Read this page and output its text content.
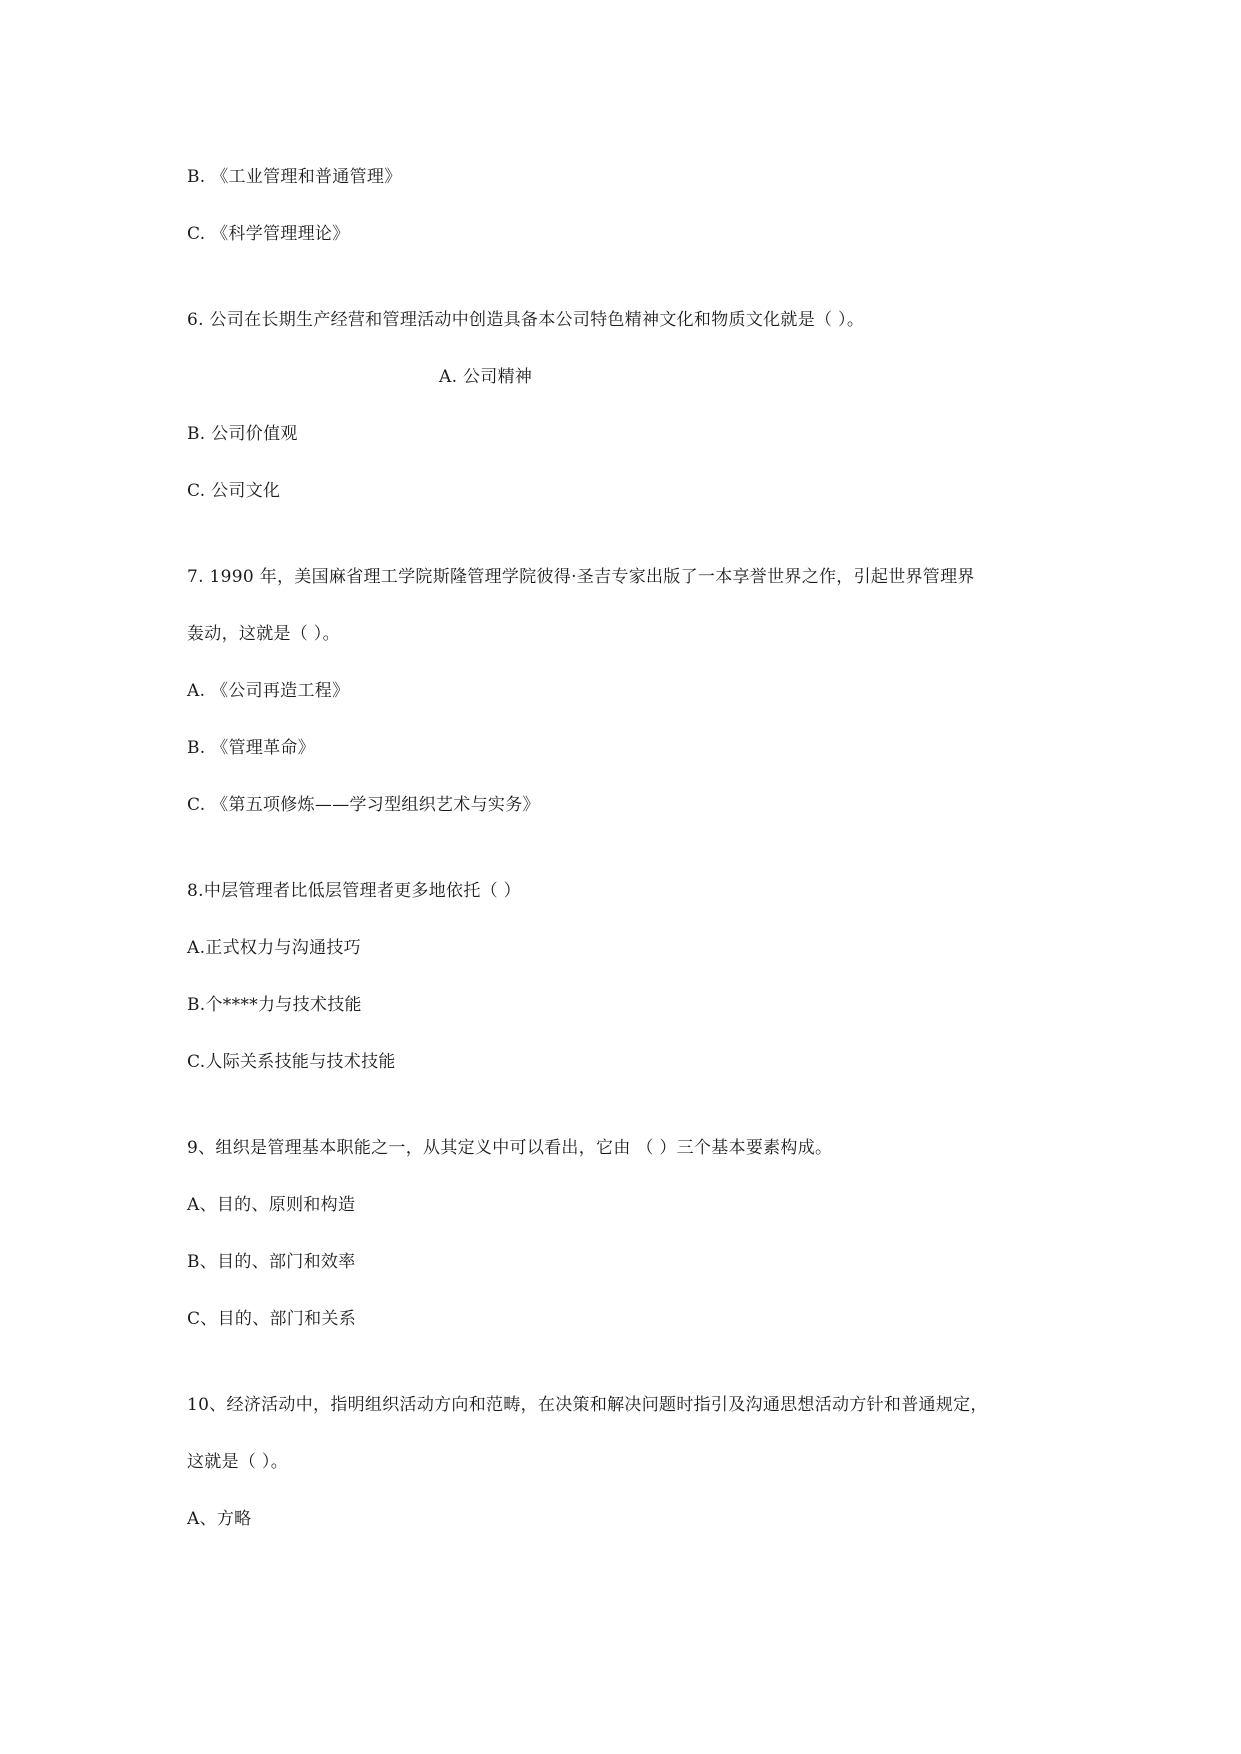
B. 《工业管理和普通管理》
C. 《科学管理理论》
6. 公司在长期生产经营和管理活动中创造具备本公司特色精神文化和物质文化就是（ ）。
A. 公司精神
B. 公司价值观
C. 公司文化
7. 1990 年，美国麻省理工学院斯隆管理学院彼得·圣吉专家出版了一本享誉世界之作，引起世界管理界
轰动，这就是（ ）。
A. 《公司再造工程》
B. 《管理革命》
C. 《第五项修炼——学习型组织艺术与实务》
8.中层管理者比低层管理者更多地依托（ ）
A.正式权力与沟通技巧
B.个****力与技术技能
C.人际关系技能与技术技能
9、组织是管理基本职能之一，从其定义中可以看出，它由 （ ）三个基本要素构成。
A、目的、原则和构造
B、目的、部门和效率
C、目的、部门和关系
10、经济活动中，指明组织活动方向和范畴，在决策和解决问题时指引及沟通思想活动方针和普通规定，
这就是（ ）。
A、方略
